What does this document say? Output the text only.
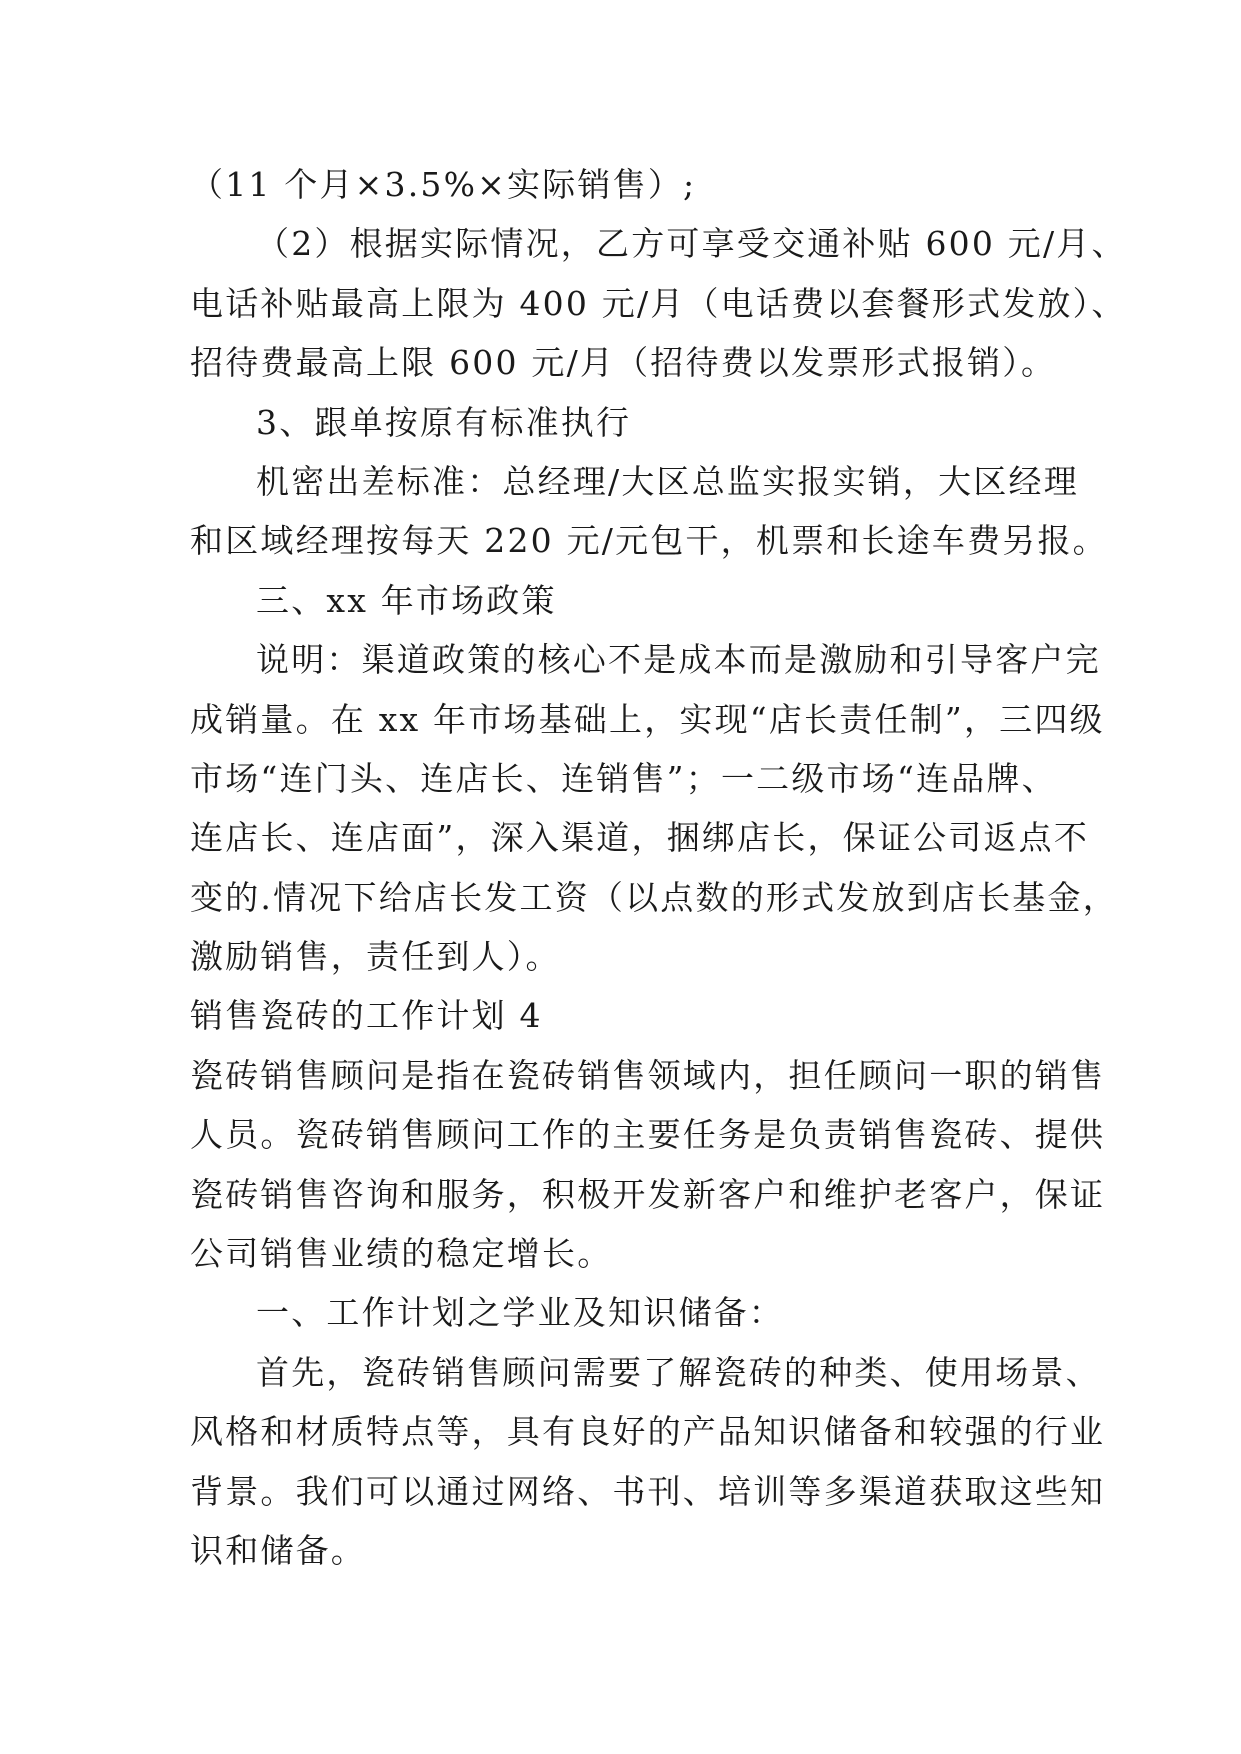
（11 个月×3.5%×实际销售）;
（2）根据实际情况，乙方可享受交通补贴 600 元/月、
电话补贴最高上限为 400 元/月（电话费以套餐形式发放）、
招待费最高上限 600 元/月（招待费以发票形式报销）。
3、跟单按原有标准执行
机密出差标准：总经理/大区总监实报实销，大区经理
和区域经理按每天 220 元/元包干，机票和长途车费另报。
三、xx 年市场政策
说明：渠道政策的核心不是成本而是激励和引导客户完
成销量。在 xx 年市场基础上，实现“店长责任制”，三四级
市场“连门头、连店长、连销售”；一二级市场“连品牌、
连店长、连店面”，深入渠道，捆绑店长，保证公司返点不
变的.情况下给店长发工资（以点数的形式发放到店长基金，
激励销售，责任到人）。
销售瓷砖的工作计划 4
瓷砖销售顾问是指在瓷砖销售领域内，担任顾问一职的销售
人员。瓷砖销售顾问工作的主要任务是负责销售瓷砖、提供
瓷砖销售咨询和服务，积极开发新客户和维护老客户，保证
公司销售业绩的稳定增长。
一、工作计划之学业及知识储备：
首先，瓷砖销售顾问需要了解瓷砖的种类、使用场景、
风格和材质特点等，具有良好的产品知识储备和较强的行业
背景。我们可以通过网络、书刊、培训等多渠道获取这些知
识和储备。
